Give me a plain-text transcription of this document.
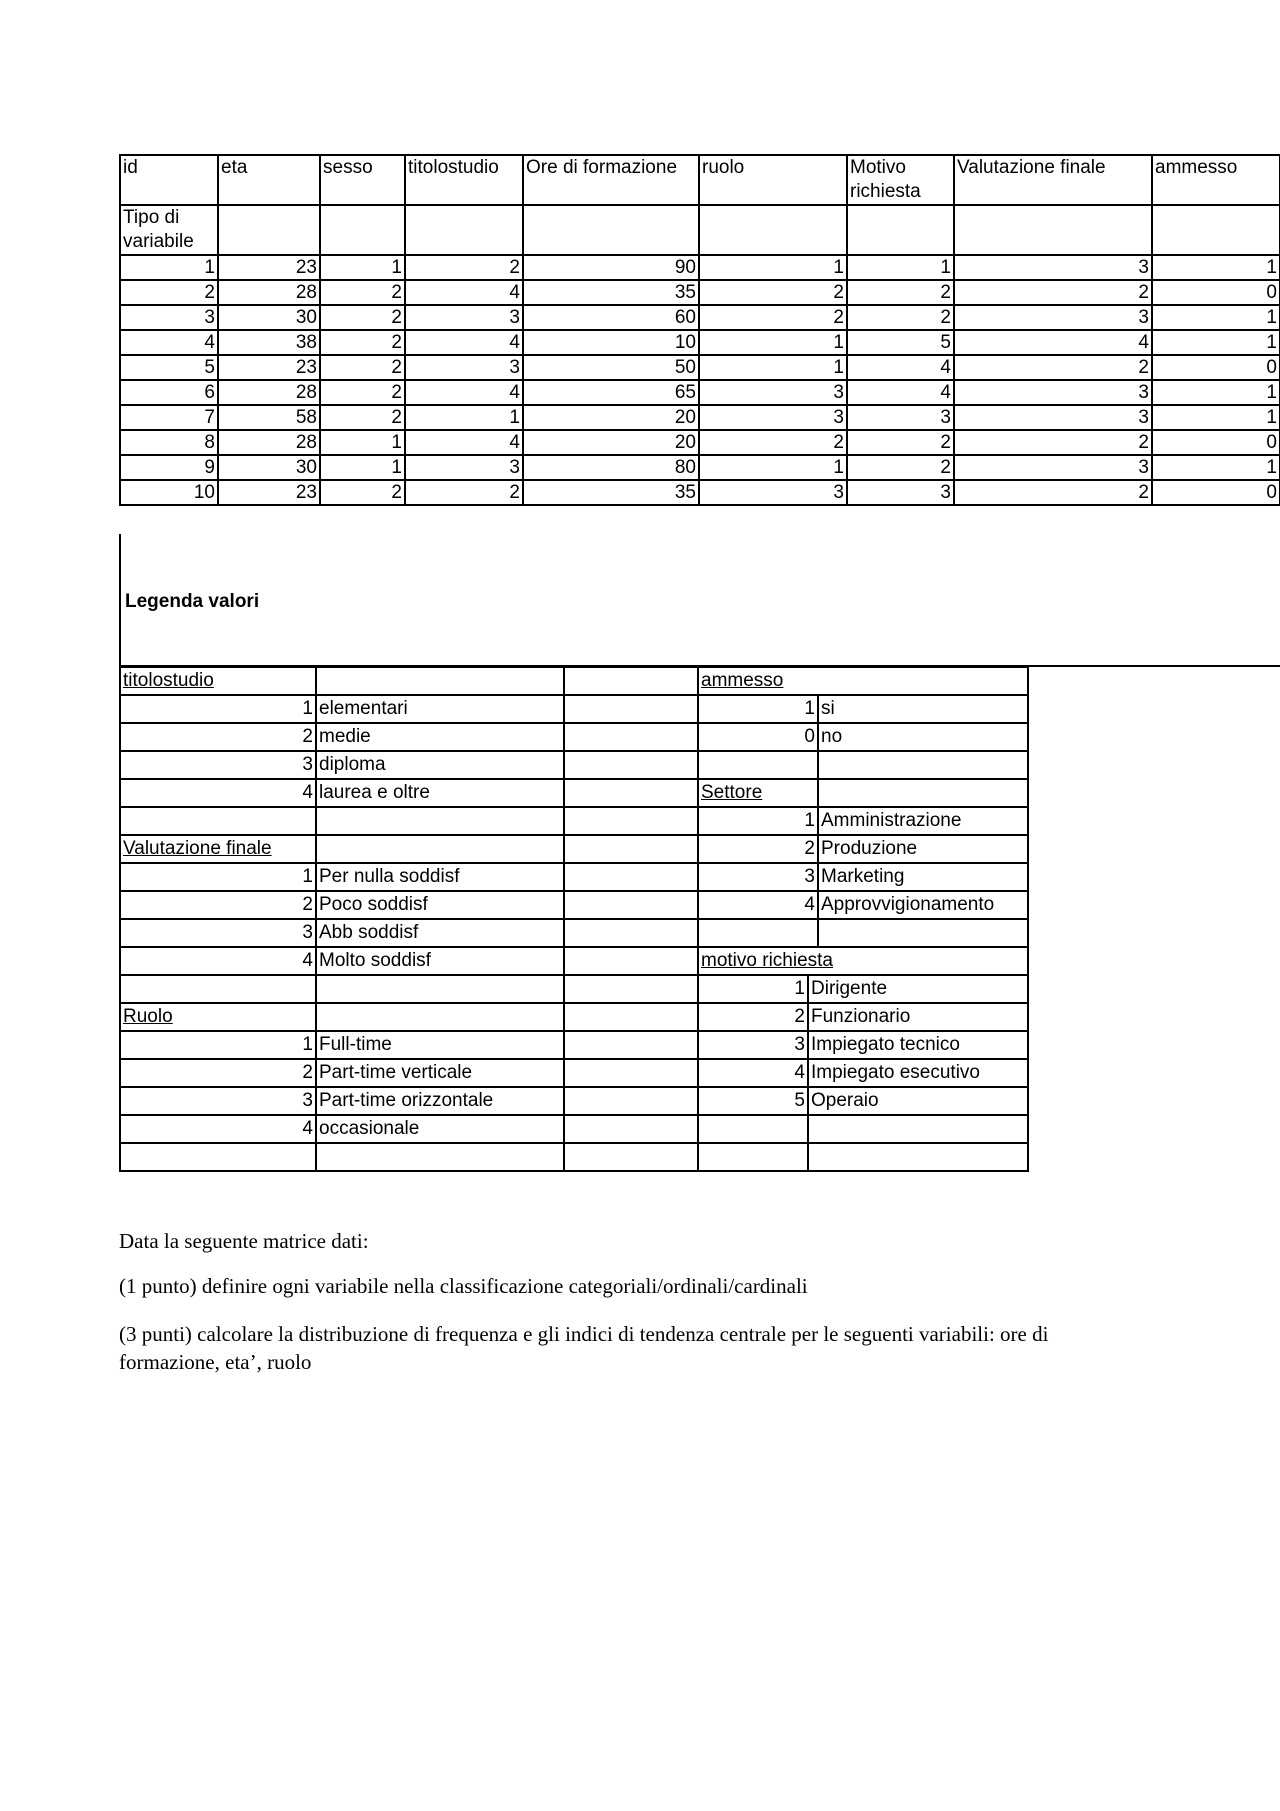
id	eta	sesso	titolostudio	Ore di formazione	ruolo	Motivo richiesta	Valutazione finale	ammesso
Tipo di variabile								
1	23	1	2	90	1	1	3	1
2	28	2	4	35	2	2	2	0
3	30	2	3	60	2	2	3	1
4	38	2	4	10	1	5	4	1
5	23	2	3	50	1	4	2	0
6	28	2	4	65	3	4	3	1
7	58	2	1	20	3	3	3	1
8	28	1	4	20	2	2	2	0
9	30	1	3	80	1	2	3	1
10	23	2	2	35	3	3	2	0
Legenda valori
titolostudio			ammesso		
1	elementari		1		si
2	medie		0		no
3	diploma				
4	laurea e oltre		Settore		
			1		Amministrazione
Valutazione finale			2		Produzione
1	Per nulla soddisf		3		Marketing
2	Poco soddisf		4		Approvvigionamento
3	Abb soddisf				
4	Molto soddisf		motivo richiesta		
			1	Dirigente	
Ruolo			2	Funzionario	
1	Full-time		3	Impiegato tecnico	
2	Part-time verticale		4	Impiegato esecutivo	
3	Part-time orizzontale		5	Operaio	
4	occasionale				

Data la seguente matrice dati:
(1 punto) definire ogni variabile nella classificazione categoriali/ordinali/cardinali
(3 punti) calcolare la distribuzione di frequenza e gli indici di tendenza centrale per le seguenti variabili: ore di formazione, eta’, ruolo
